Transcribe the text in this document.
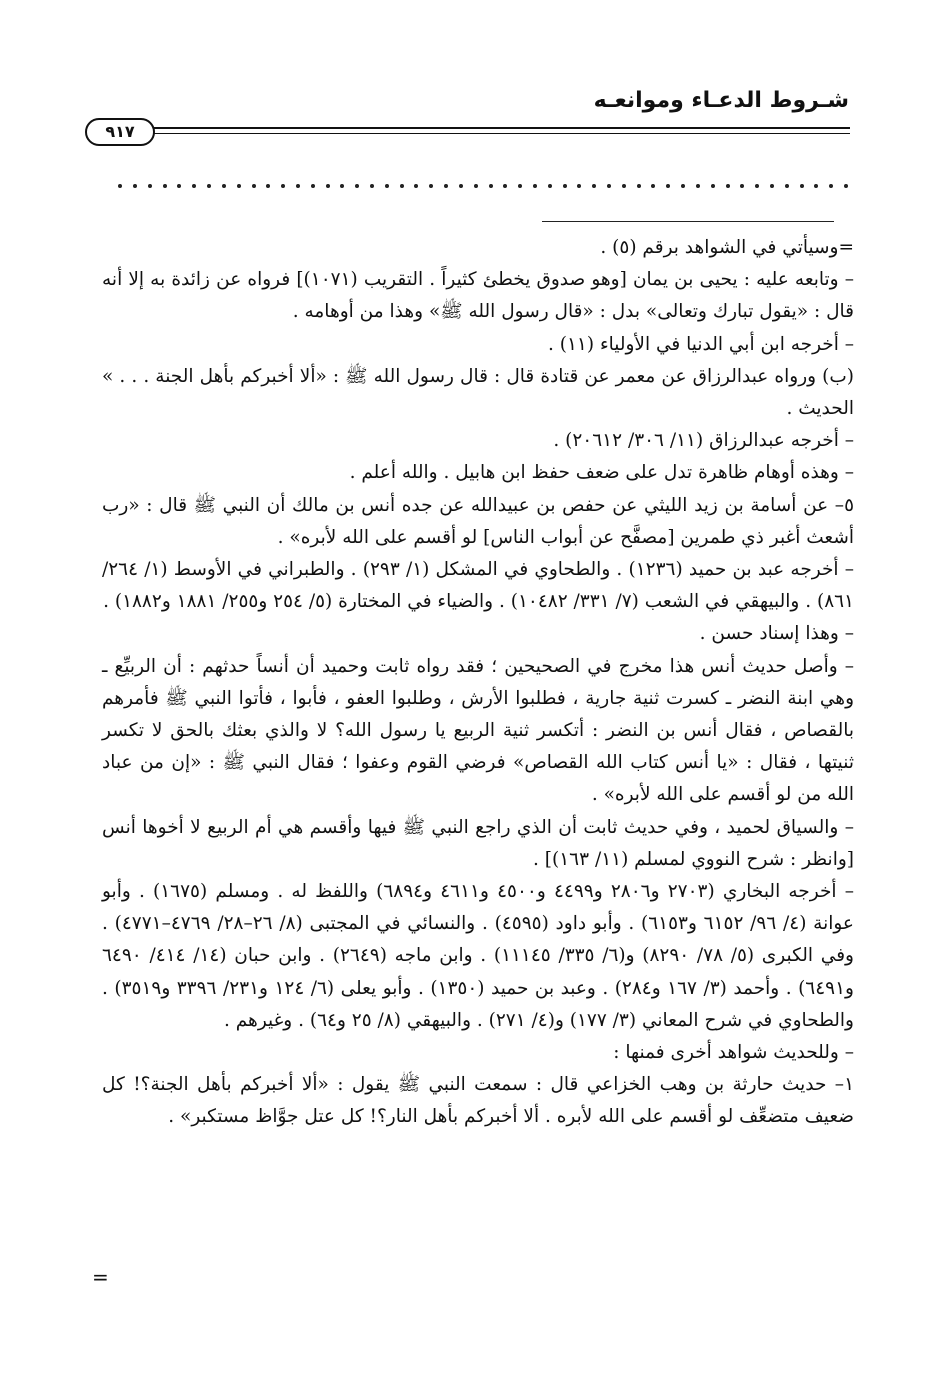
شـروط الدعـاء وموانعـه
٩١٧

=وسيأتي في الشواهد برقم (٥) .

– وتابعه عليه : يحيى بن يمان [وهو صدوق يخطئ كثيراً . التقريب (١٠٧١)] فرواه عن زائدة به إلا أنه قال : «يقول تبارك وتعالى» بدل : «قال رسول الله ﷺ» وهذا من أوهامه .

– أخرجه ابن أبي الدنيا في الأولياء (١١) .

(ب) ورواه عبدالرزاق عن معمر عن قتادة قال : قال رسول الله ﷺ : «ألا أخبركم بأهل الجنة . . . » الحديث .

– أخرجه عبدالرزاق (١١/ ٣٠٦/ ٢٠٦١٢) .

– وهذه أوهام ظاهرة تدل على ضعف حفظ ابن هابيل . والله أعلم .

٥– عن أسامة بن زيد الليثي عن حفص بن عبيدالله عن جده أنس بن مالك أن النبي ﷺ قال : «رب أشعث أغبر ذي طمرين [مصفَّح عن أبواب الناس] لو أقسم على الله لأبره» .

– أخرجه عبد بن حميد (١٢٣٦) . والطحاوي في المشكل (١/ ٢٩٣) . والطبراني في الأوسط (١/ ٢٦٤/ ٨٦١) . والبيهقي في الشعب (٧/ ٣٣١/ ١٠٤٨٢) . والضياء في المختارة (٥/ ٢٥٤ و٢٥٥/ ١٨٨١ و١٨٨٢) .

– وهذا إسناد حسن .

– وأصل حديث أنس هذا مخرج في الصحيحين ؛ فقد رواه ثابت وحميد أن أنساً حدثهم : أن الربيِّع ـ وهي ابنة النضر ـ كسرت ثنية جارية ، فطلبوا الأرش ، وطلبوا العفو ، فأبوا ، فأتوا النبي ﷺ فأمرهم بالقصاص ، فقال أنس بن النضر : أتكسر ثنية الربيع يا رسول الله؟ لا والذي بعثك بالحق لا تكسر ثنيتها ، فقال : «يا أنس كتاب الله القصاص» فرضي القوم وعفوا ؛ فقال النبي ﷺ : «إن من عباد الله من لو أقسم على الله لأبره» .

– والسياق لحميد ، وفي حديث ثابت أن الذي راجع النبي ﷺ فيها وأقسم هي أم الربيع لا أخوها أنس [وانظر : شرح النووي لمسلم (١١/ ١٦٣)] .

– أخرجه البخاري (٢٧٠٣ و٢٨٠٦ و٤٤٩٩ و٤٥٠٠ و٤٦١١ و٦٨٩٤) واللفظ له . ومسلم (١٦٧٥) . وأبو عوانة (٤/ ٩٦/ ٦١٥٢ و٦١٥٣) . وأبو داود (٤٥٩٥) . والنسائي في المجتبى (٨/ ٢٦–٢٨/ ٤٧٦٩–٤٧٧١) . وفي الكبرى (٥/ ٧٨/ ٨٢٩٠) و(٦/ ٣٣٥/ ١١١٤٥) . وابن ماجه (٢٦٤٩) . وابن حبان (١٤/ ٤١٤/ ٦٤٩٠ و٦٤٩١) . وأحمد (٣/ ١٦٧ و٢٨٤) . وعبد بن حميد (١٣٥٠) . وأبو يعلى (٦/ ١٢٤ و٢٣١/ ٣٣٩٦ و٣٥١٩) . والطحاوي في شرح المعاني (٣/ ١٧٧) و(٤/ ٢٧١) . والبيهقي (٨/ ٢٥ و٦٤) . وغيرهم .

– وللحديث شواهد أخرى فمنها :

١– حديث حارثة بن وهب الخزاعي قال : سمعت النبي ﷺ يقول : «ألا أخبركم بأهل الجنة؟! كل ضعيف متضعِّف لو أقسم على الله لأبره . ألا أخبركم بأهل النار؟! كل عتل جوَّاظ مستكبر» .

=
